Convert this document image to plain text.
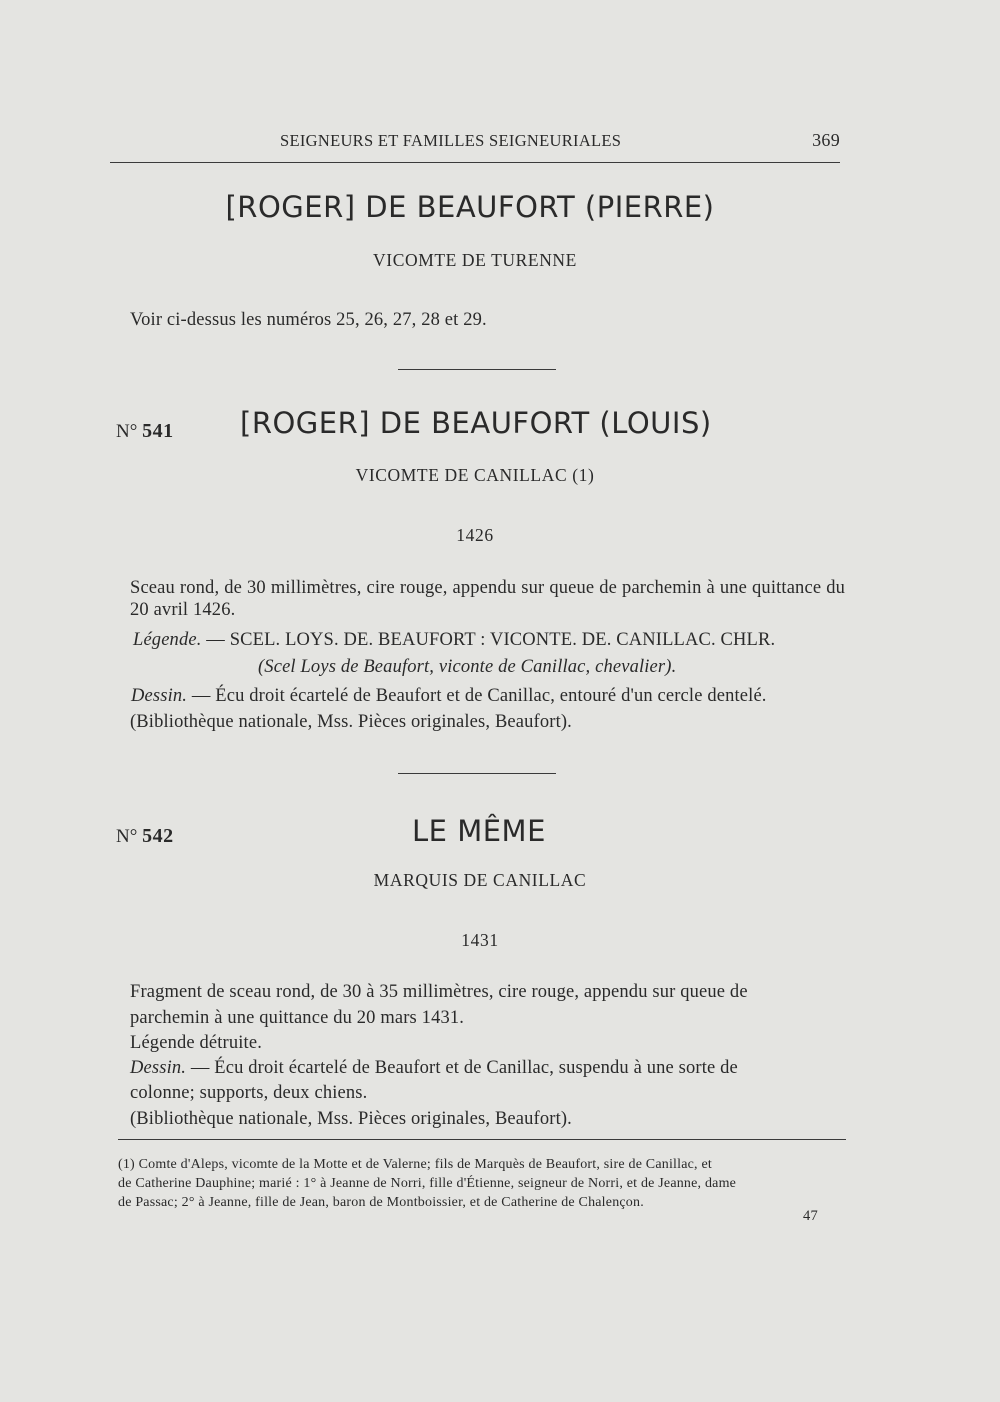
SEIGNEURS ET FAMILLES SEIGNEURIALES	369
[ROGER] DE BEAUFORT (PIERRE)
VICOMTE DE TURENNE
Voir ci-dessus les numéros 25, 26, 27, 28 et 29.
N° 541 [ROGER] DE BEAUFORT (LOUIS)
VICOMTE DE CANILLAC (1)
1426
Sceau rond, de 30 millimètres, cire rouge, appendu sur queue de parchemin à une quittance du 20 avril 1426.
Légende. — SCEL. LOYS. DE. BEAUFORT : VICONTE. DE. CANILLAC. CHLR.
(Scel Loys de Beaufort, viconte de Canillac, chevalier).
Dessin. — Écu droit écartelé de Beaufort et de Canillac, entouré d'un cercle dentelé.
(Bibliothèque nationale, Mss. Pièces originales, Beaufort).
N° 542	LE MÊME
MARQUIS DE CANILLAC
1431
Fragment de sceau rond, de 30 à 35 millimètres, cire rouge, appendu sur queue de
parchemin à une quittance du 20 mars 1431.
Légende détruite.
Dessin. — Écu droit écartelé de Beaufort et de Canillac, suspendu à une sorte de
colonne; supports, deux chiens.
(Bibliothèque nationale, Mss. Pièces originales, Beaufort).
(1) Comte d'Aleps, vicomte de la Motte et de Valerne; fils de Marquès de Beaufort, sire de Canillac, et
de Catherine Dauphine; marié : 1° à Jeanne de Norri, fille d'Étienne, seigneur de Norri, et de Jeanne, dame
de Passac; 2° à Jeanne, fille de Jean, baron de Montboissier, et de Catherine de Chalençon.
47
